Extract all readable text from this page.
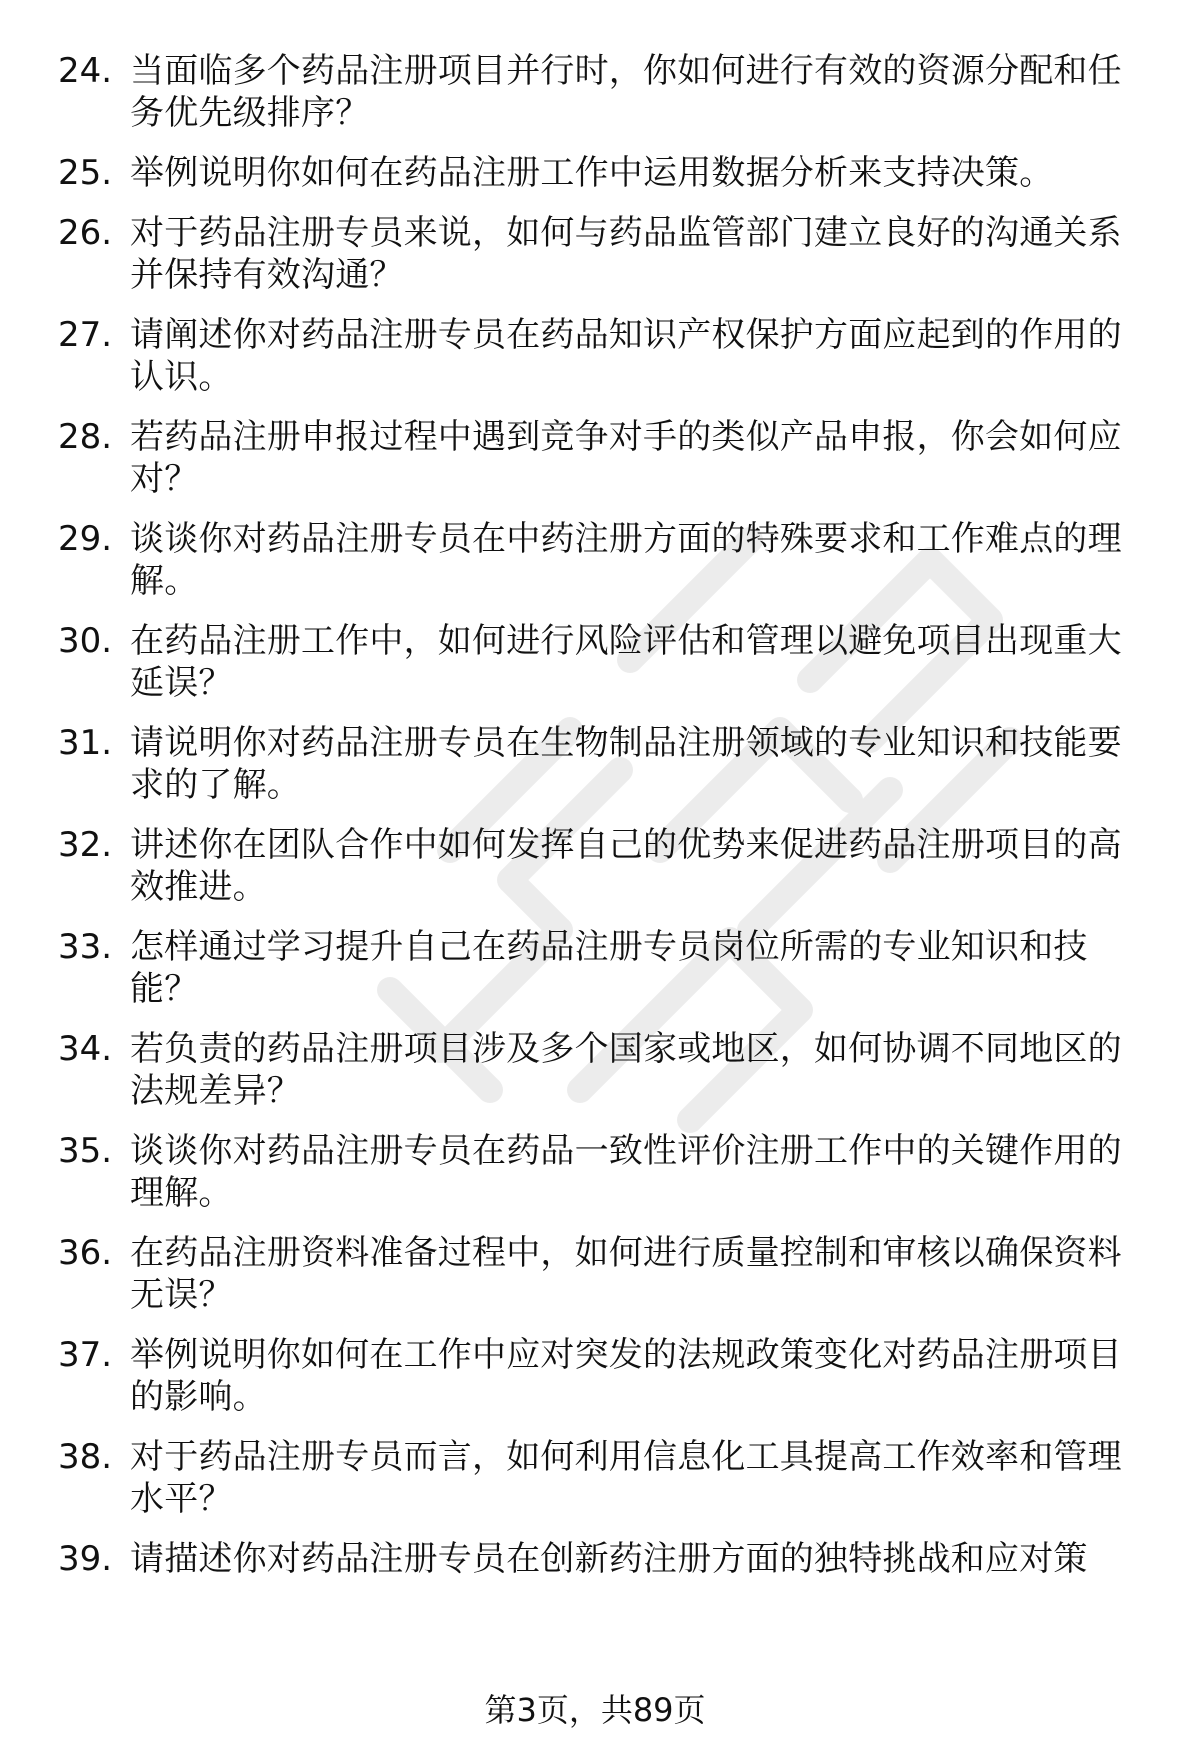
24. 当面临多个药品注册项目并行时，你如何进行有效的资源分配和任务优先级排序？
25. 举例说明你如何在药品注册工作中运用数据分析来支持决策。
26. 对于药品注册专员来说，如何与药品监管部门建立良好的沟通关系并保持有效沟通？
27. 请阐述你对药品注册专员在药品知识产权保护方面应起到的作用的认识。
28. 若药品注册申报过程中遇到竞争对手的类似产品申报，你会如何应对？
29. 谈谈你对药品注册专员在中药注册方面的特殊要求和工作难点的理解。
30. 在药品注册工作中，如何进行风险评估和管理以避免项目出现重大延误？
31. 请说明你对药品注册专员在生物制品注册领域的专业知识和技能要求的了解。
32. 讲述你在团队合作中如何发挥自己的优势来促进药品注册项目的高效推进。
33. 怎样通过学习提升自己在药品注册专员岗位所需的专业知识和技能？
34. 若负责的药品注册项目涉及多个国家或地区，如何协调不同地区的法规差异？
35. 谈谈你对药品注册专员在药品一致性评价注册工作中的关键作用的理解。
36. 在药品注册资料准备过程中，如何进行质量控制和审核以确保资料无误？
37. 举例说明你如何在工作中应对突发的法规政策变化对药品注册项目的影响。
38. 对于药品注册专员而言，如何利用信息化工具提高工作效率和管理水平？
39. 请描述你对药品注册专员在创新药注册方面的独特挑战和应对策
第3页，共89页
